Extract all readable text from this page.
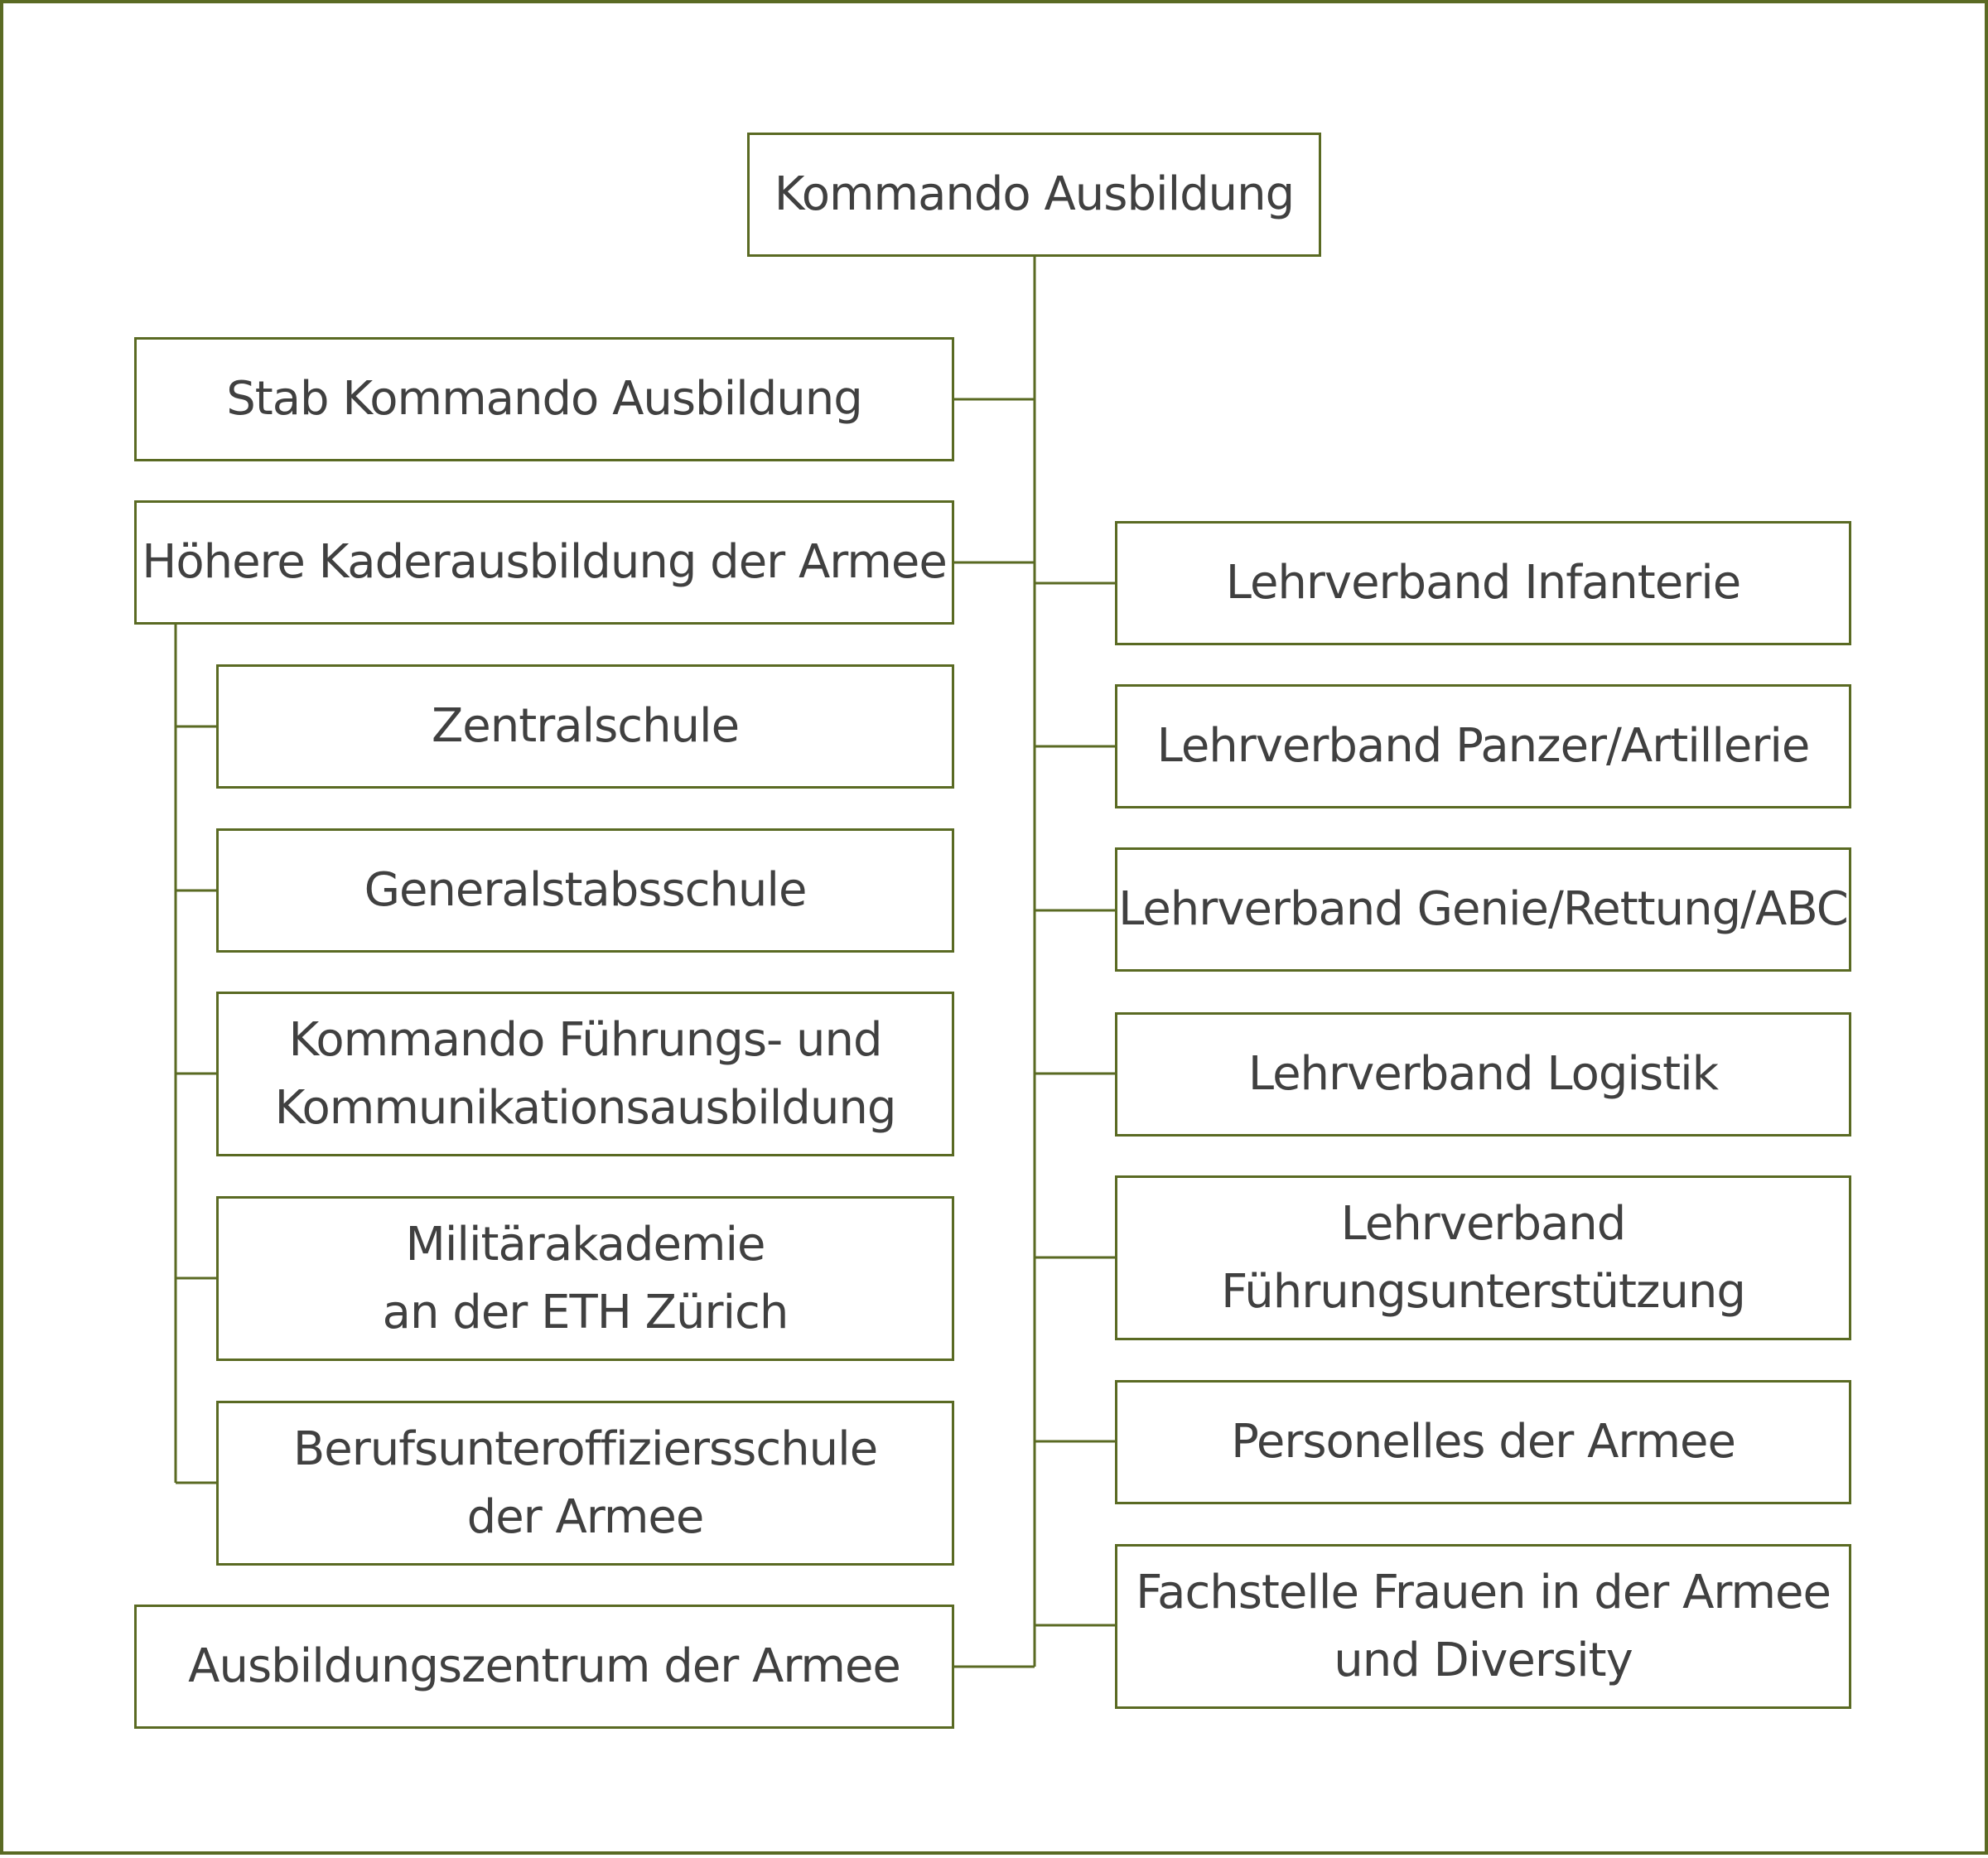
Kommando Ausbildung
Stab Kommando Ausbildung
Höhere Kaderausbildung der Armee
Ausbildungszentrum der Armee
Zentralschule
Generalstabsschule
Kommando Führungs- und
Kommunikationsausbildung
Militärakademie
an der ETH Zürich
Berufsunteroffiziersschule
der Armee
Lehrverband Infanterie
Lehrverband Panzer/Artillerie
Lehrverband Genie/Rettung/ABC
Lehrverband Logistik
Lehrverband
Führungsunterstützung
Personelles der Armee
Fachstelle Frauen in der Armee
und Diversity
